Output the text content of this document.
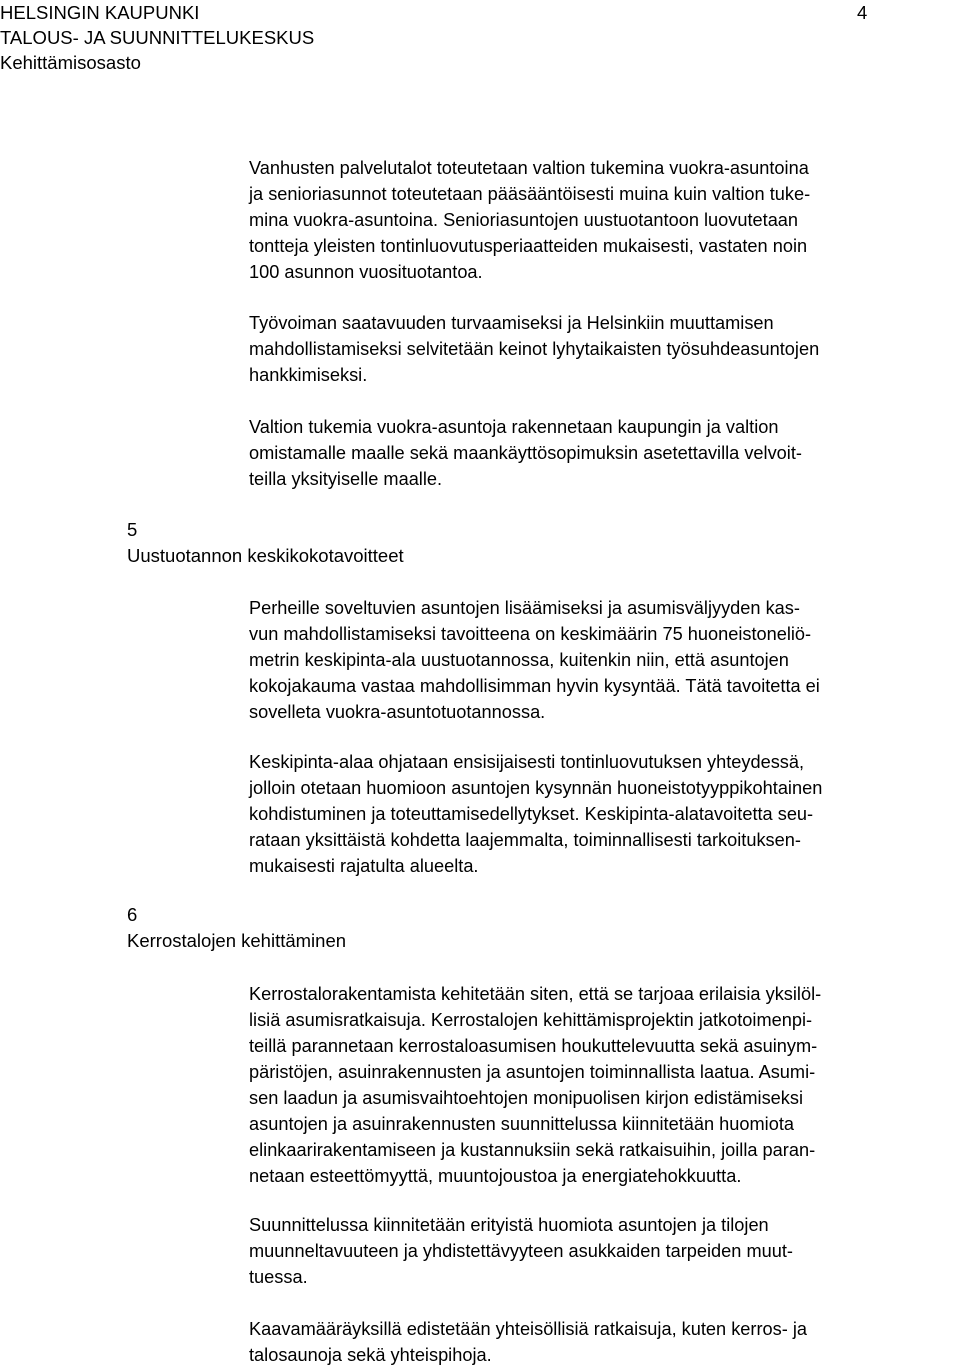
HELSINGIN KAUPUNKI
TALOUS- JA SUUNNITTELUKESKUS
Kehittämisosasto
4

Vanhusten palvelutalot toteutetaan valtion tukemina vuokra-asuntoina
ja senioriasunnot toteutetaan pääsääntöisesti muina kuin valtion tuke-
mina vuokra-asuntoina. Senioriasuntojen uustuotantoon luovutetaan
tontteja yleisten tontinluovutusperiaatteiden mukaisesti, vastaten noin
100 asunnon vuosituotantoa.

Työvoiman saatavuuden turvaamiseksi ja Helsinkiin muuttamisen
mahdollistamiseksi selvitetään keinot lyhytaikaisten työsuhdeasuntojen
hankkimiseksi.

Valtion tukemia vuokra-asuntoja rakennetaan kaupungin ja valtion
omistamalle maalle sekä maankäyttösopimuksin asetettavilla velvoit-
teilla yksityiselle maalle.

5
Uustuotannon keskikokotavoitteet

Perheille soveltuvien asuntojen lisäämiseksi ja asumisväljyyden kas-
vun mahdollistamiseksi tavoitteena on keskimäärin 75 huoneistoneliö-
metrin keskipinta-ala uustuotannossa, kuitenkin niin, että asuntojen
kokojakauma vastaa mahdollisimman hyvin kysyntää. Tätä tavoitetta ei
sovelleta vuokra-asuntotuotannossa.

Keskipinta-alaa ohjataan ensisijaisesti tontinluovutuksen yhteydessä,
jolloin otetaan huomioon asuntojen kysynnän huoneistotyyppikohtainen
kohdistuminen ja toteuttamisedellytykset. Keskipinta-alatavoitetta seu-
rataan yksittäistä kohdetta laajemmalta, toiminnallisesti tarkoituksen-
mukaisesti rajatulta alueelta.

6
Kerrostalojen kehittäminen

Kerrostalorakentamista kehitetään siten, että se tarjoaa erilaisia yksilöl-
lisiä asumisratkaisuja. Kerrostalojen kehittämisprojektin jatkotoimenpi-
teillä parannetaan kerrostaloasumisen houkuttelevuutta sekä asuinym-
päristöjen, asuinrakennusten ja asuntojen toiminnallista laatua. Asumi-
sen laadun ja asumisvaihtoehtojen monipuolisen kirjon edistämiseksi
asuntojen ja asuinrakennusten suunnittelussa kiinnitetään huomiota
elinkaarirakentamiseen ja kustannuksiin sekä ratkaisuihin, joilla paran-
netaan esteettömyyttä, muuntojoustoa ja energiatehokkuutta.

Suunnittelussa kiinnitetään erityistä huomiota asuntojen ja tilojen
muunneltavuuteen ja yhdistettävyyteen asukkaiden tarpeiden muut-
tuessa.

Kaavamääräyksillä edistetään yhteisöllisiä ratkaisuja, kuten kerros- ja
talosaunoja sekä yhteispihoja.
